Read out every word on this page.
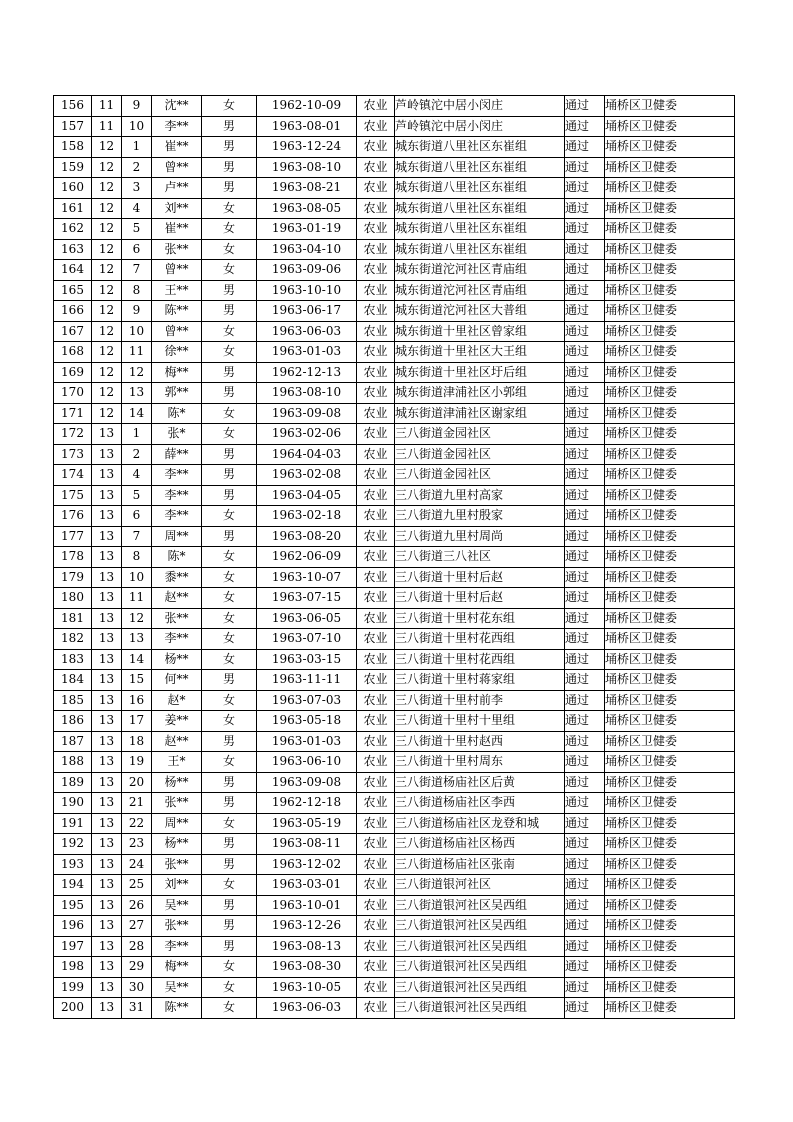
156	11	9	沈**	女	1962-10-09	农业	芦岭镇沱中居小闵庄	通过	埇桥区卫健委
157	11	10	李**	男	1963-08-01	农业	芦岭镇沱中居小闵庄	通过	埇桥区卫健委
158	12	1	崔**	男	1963-12-24	农业	城东街道八里社区东崔组	通过	埇桥区卫健委
159	12	2	曾**	男	1963-08-10	农业	城东街道八里社区东崔组	通过	埇桥区卫健委
160	12	3	卢**	男	1963-08-21	农业	城东街道八里社区东崔组	通过	埇桥区卫健委
161	12	4	刘**	女	1963-08-05	农业	城东街道八里社区东崔组	通过	埇桥区卫健委
162	12	5	崔**	女	1963-01-19	农业	城东街道八里社区东崔组	通过	埇桥区卫健委
163	12	6	张**	女	1963-04-10	农业	城东街道八里社区东崔组	通过	埇桥区卫健委
164	12	7	曾**	女	1963-09-06	农业	城东街道沱河社区青庙组	通过	埇桥区卫健委
165	12	8	王**	男	1963-10-10	农业	城东街道沱河社区青庙组	通过	埇桥区卫健委
166	12	9	陈**	男	1963-06-17	农业	城东街道沱河社区大普组	通过	埇桥区卫健委
167	12	10	曾**	女	1963-06-03	农业	城东街道十里社区曾家组	通过	埇桥区卫健委
168	12	11	徐**	女	1963-01-03	农业	城东街道十里社区大王组	通过	埇桥区卫健委
169	12	12	梅**	男	1962-12-13	农业	城东街道十里社区圩后组	通过	埇桥区卫健委
170	12	13	郭**	男	1963-08-10	农业	城东街道津浦社区小郭组	通过	埇桥区卫健委
171	12	14	陈*	女	1963-09-08	农业	城东街道津浦社区谢家组	通过	埇桥区卫健委
172	13	1	张*	女	1963-02-06	农业	三八街道金园社区	通过	埇桥区卫健委
173	13	2	薛**	男	1964-04-03	农业	三八街道金园社区	通过	埇桥区卫健委
174	13	4	李**	男	1963-02-08	农业	三八街道金园社区	通过	埇桥区卫健委
175	13	5	李**	男	1963-04-05	农业	三八街道九里村高家	通过	埇桥区卫健委
176	13	6	李**	女	1963-02-18	农业	三八街道九里村殷家	通过	埇桥区卫健委
177	13	7	周**	男	1963-08-20	农业	三八街道九里村周尚	通过	埇桥区卫健委
178	13	8	陈*	女	1962-06-09	农业	三八街道三八社区	通过	埇桥区卫健委
179	13	10	黍**	女	1963-10-07	农业	三八街道十里村后赵	通过	埇桥区卫健委
180	13	11	赵**	女	1963-07-15	农业	三八街道十里村后赵	通过	埇桥区卫健委
181	13	12	张**	女	1963-06-05	农业	三八街道十里村花东组	通过	埇桥区卫健委
182	13	13	李**	女	1963-07-10	农业	三八街道十里村花西组	通过	埇桥区卫健委
183	13	14	杨**	女	1963-03-15	农业	三八街道十里村花西组	通过	埇桥区卫健委
184	13	15	何**	男	1963-11-11	农业	三八街道十里村蒋家组	通过	埇桥区卫健委
185	13	16	赵*	女	1963-07-03	农业	三八街道十里村前李	通过	埇桥区卫健委
186	13	17	姜**	女	1963-05-18	农业	三八街道十里村十里组	通过	埇桥区卫健委
187	13	18	赵**	男	1963-01-03	农业	三八街道十里村赵西	通过	埇桥区卫健委
188	13	19	王*	女	1963-06-10	农业	三八街道十里村周东	通过	埇桥区卫健委
189	13	20	杨**	男	1963-09-08	农业	三八街道杨庙社区后黄	通过	埇桥区卫健委
190	13	21	张**	男	1962-12-18	农业	三八街道杨庙社区李西	通过	埇桥区卫健委
191	13	22	周**	女	1963-05-19	农业	三八街道杨庙社区龙登和城	通过	埇桥区卫健委
192	13	23	杨**	男	1963-08-11	农业	三八街道杨庙社区杨西	通过	埇桥区卫健委
193	13	24	张**	男	1963-12-02	农业	三八街道杨庙社区张南	通过	埇桥区卫健委
194	13	25	刘**	女	1963-03-01	农业	三八街道银河社区	通过	埇桥区卫健委
195	13	26	吴**	男	1963-10-01	农业	三八街道银河社区吴西组	通过	埇桥区卫健委
196	13	27	张**	男	1963-12-26	农业	三八街道银河社区吴西组	通过	埇桥区卫健委
197	13	28	李**	男	1963-08-13	农业	三八街道银河社区吴西组	通过	埇桥区卫健委
198	13	29	梅**	女	1963-08-30	农业	三八街道银河社区吴西组	通过	埇桥区卫健委
199	13	30	吴**	女	1963-10-05	农业	三八街道银河社区吴西组	通过	埇桥区卫健委
200	13	31	陈**	女	1963-06-03	农业	三八街道银河社区吴西组	通过	埇桥区卫健委
